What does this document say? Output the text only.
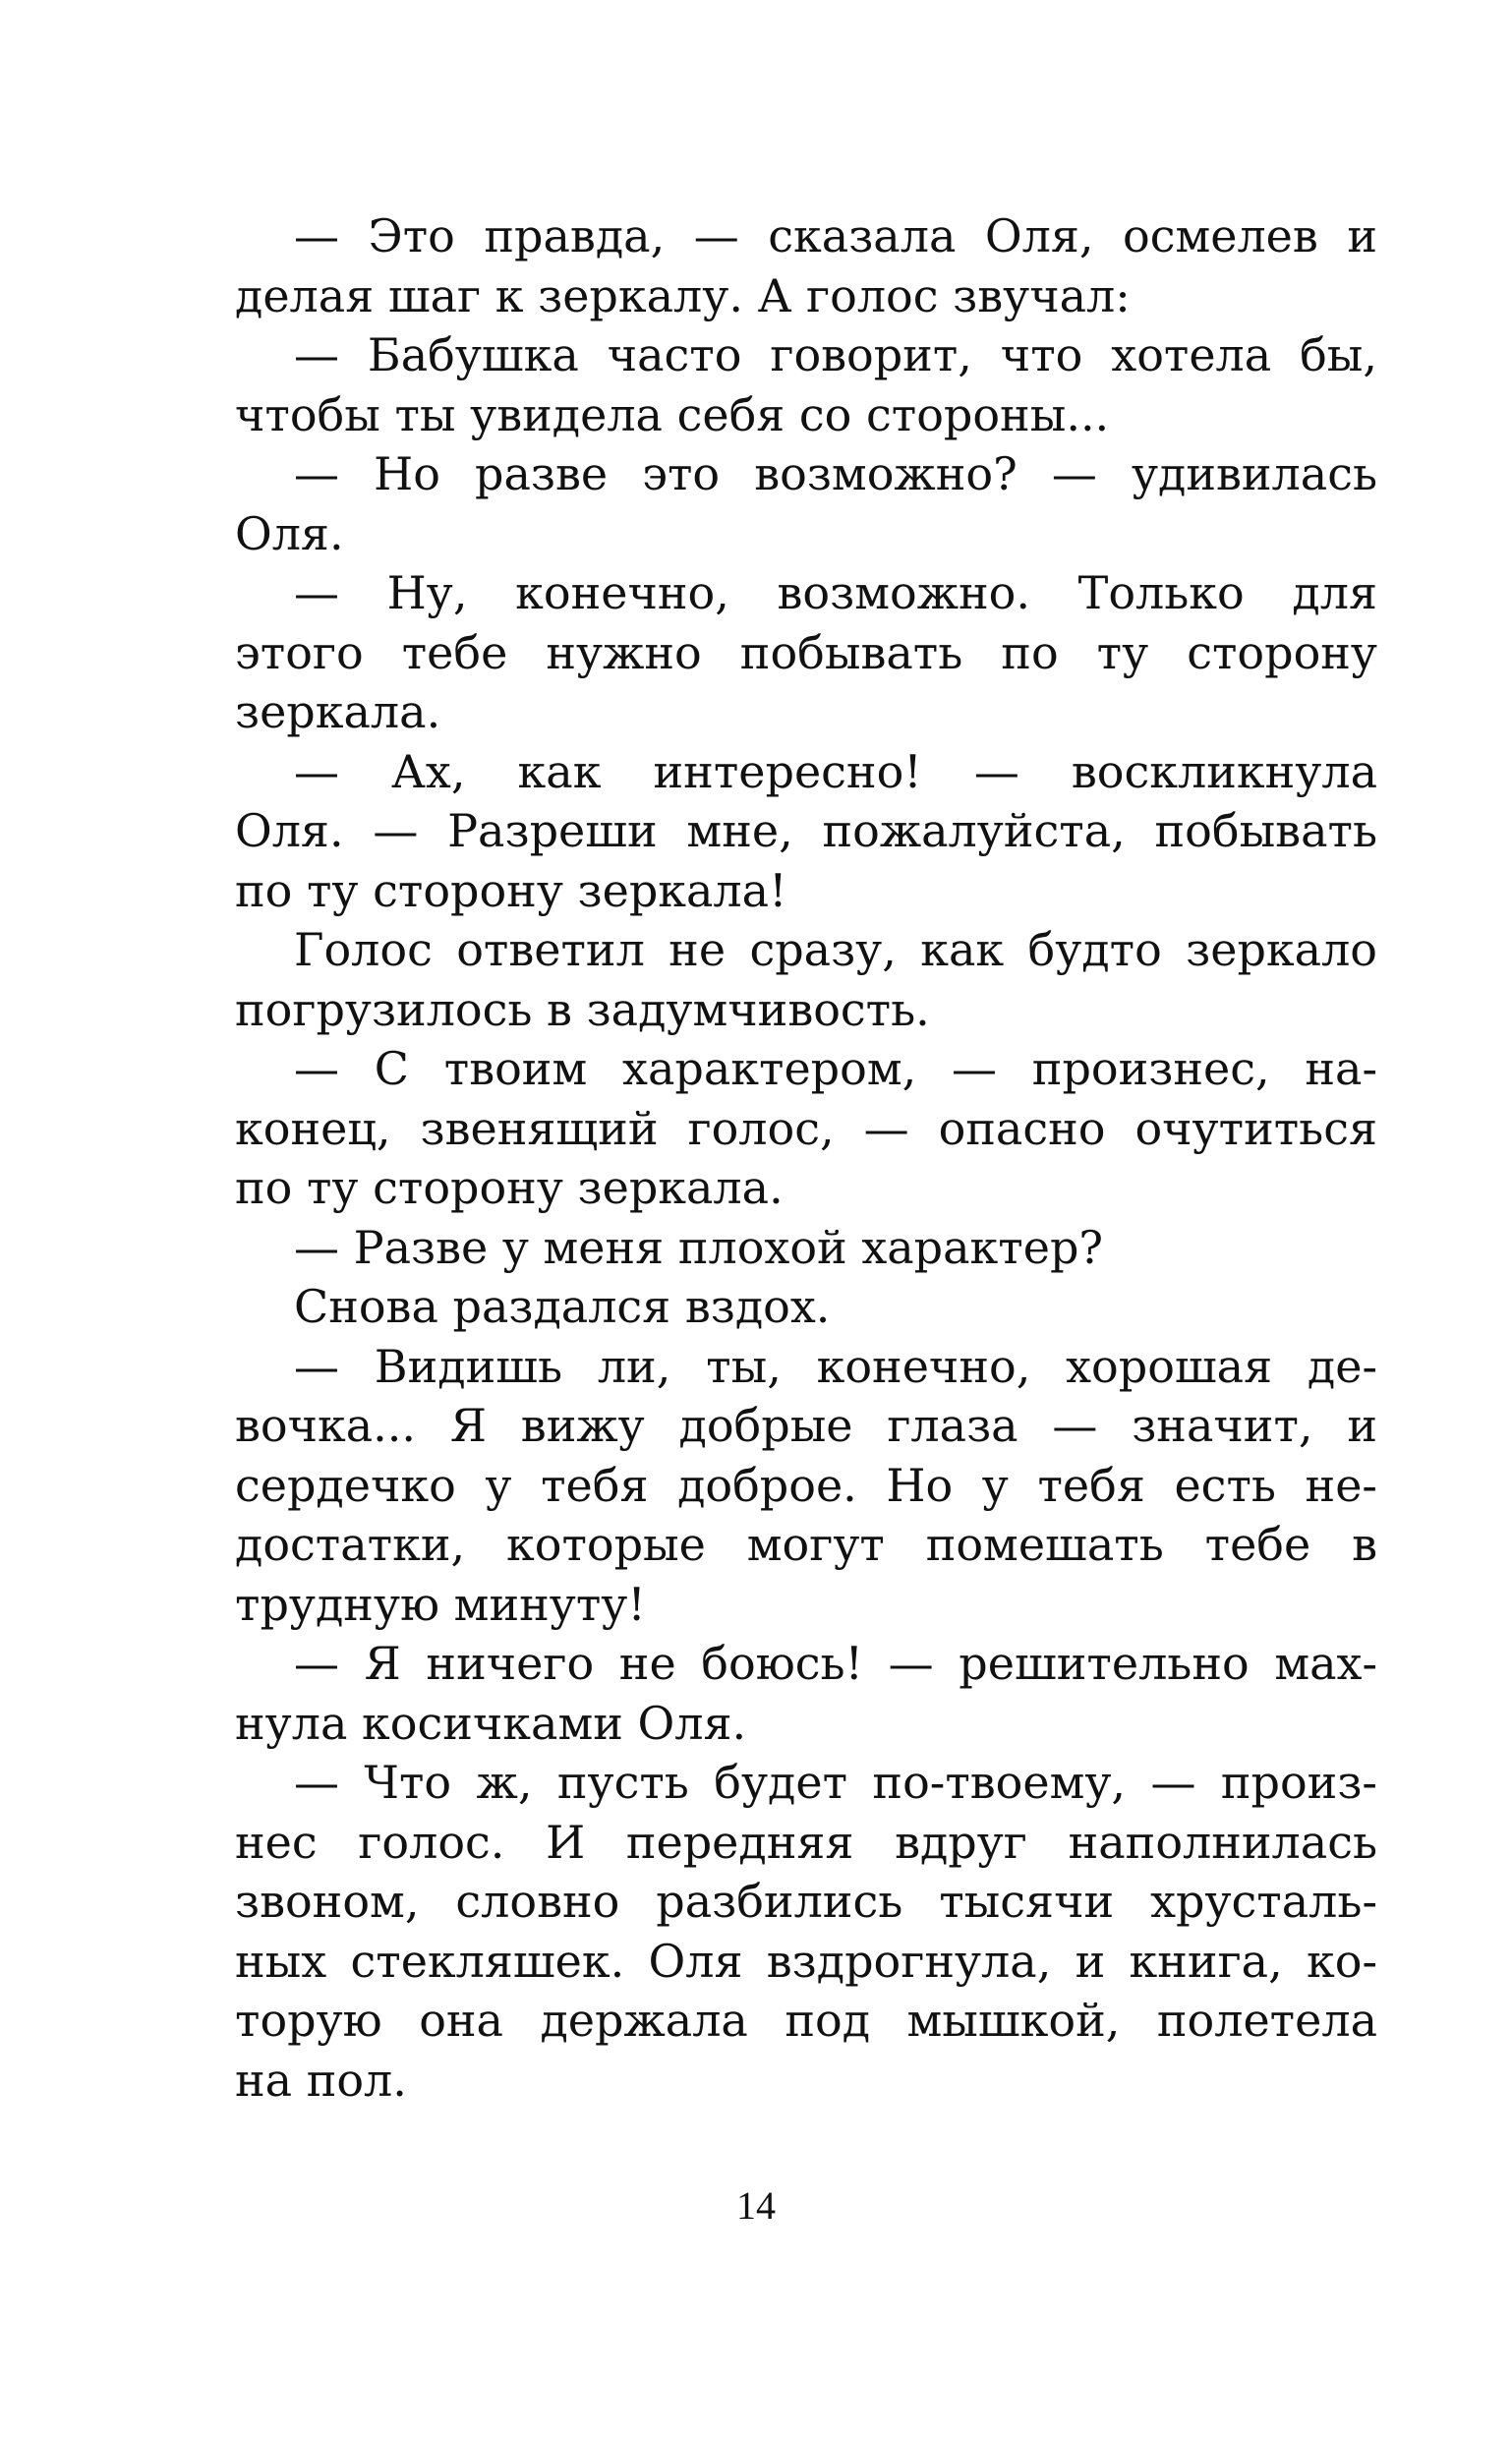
— Это правда, — сказала Оля, осмелев и
делая шаг к зеркалу. А голос звучал:
— Бабушка часто говорит, что хотела бы,
чтобы ты увидела себя со стороны...
— Но разве это возможно? — удивилась
Оля.
— Ну, конечно, возможно. Только для
этого тебе нужно побывать по ту сторону
зеркала.
— Ах, как интересно! — воскликнула
Оля. — Разреши мне, пожалуйста, побывать
по ту сторону зеркала!
Голос ответил не сразу, как будто зеркало
погрузилось в задумчивость.
— С твоим характером, — произнес, на-
конец, звенящий голос, — опасно очутиться
по ту сторону зеркала.
— Разве у меня плохой характер?
Снова раздался вздох.
— Видишь ли, ты, конечно, хорошая де-
вочка... Я вижу добрые глаза — значит, и
сердечко у тебя доброе. Но у тебя есть не-
достатки, которые могут помешать тебе в
трудную минуту!
— Я ничего не боюсь! — решительно мах-
нула косичками Оля.
— Что ж, пусть будет по-твоему, — произ-
нес голос. И передняя вдруг наполнилась
звоном, словно разбились тысячи хрусталь-
ных стекляшек. Оля вздрогнула, и книга, ко-
торую она держала под мышкой, полетела
на пол.
14
